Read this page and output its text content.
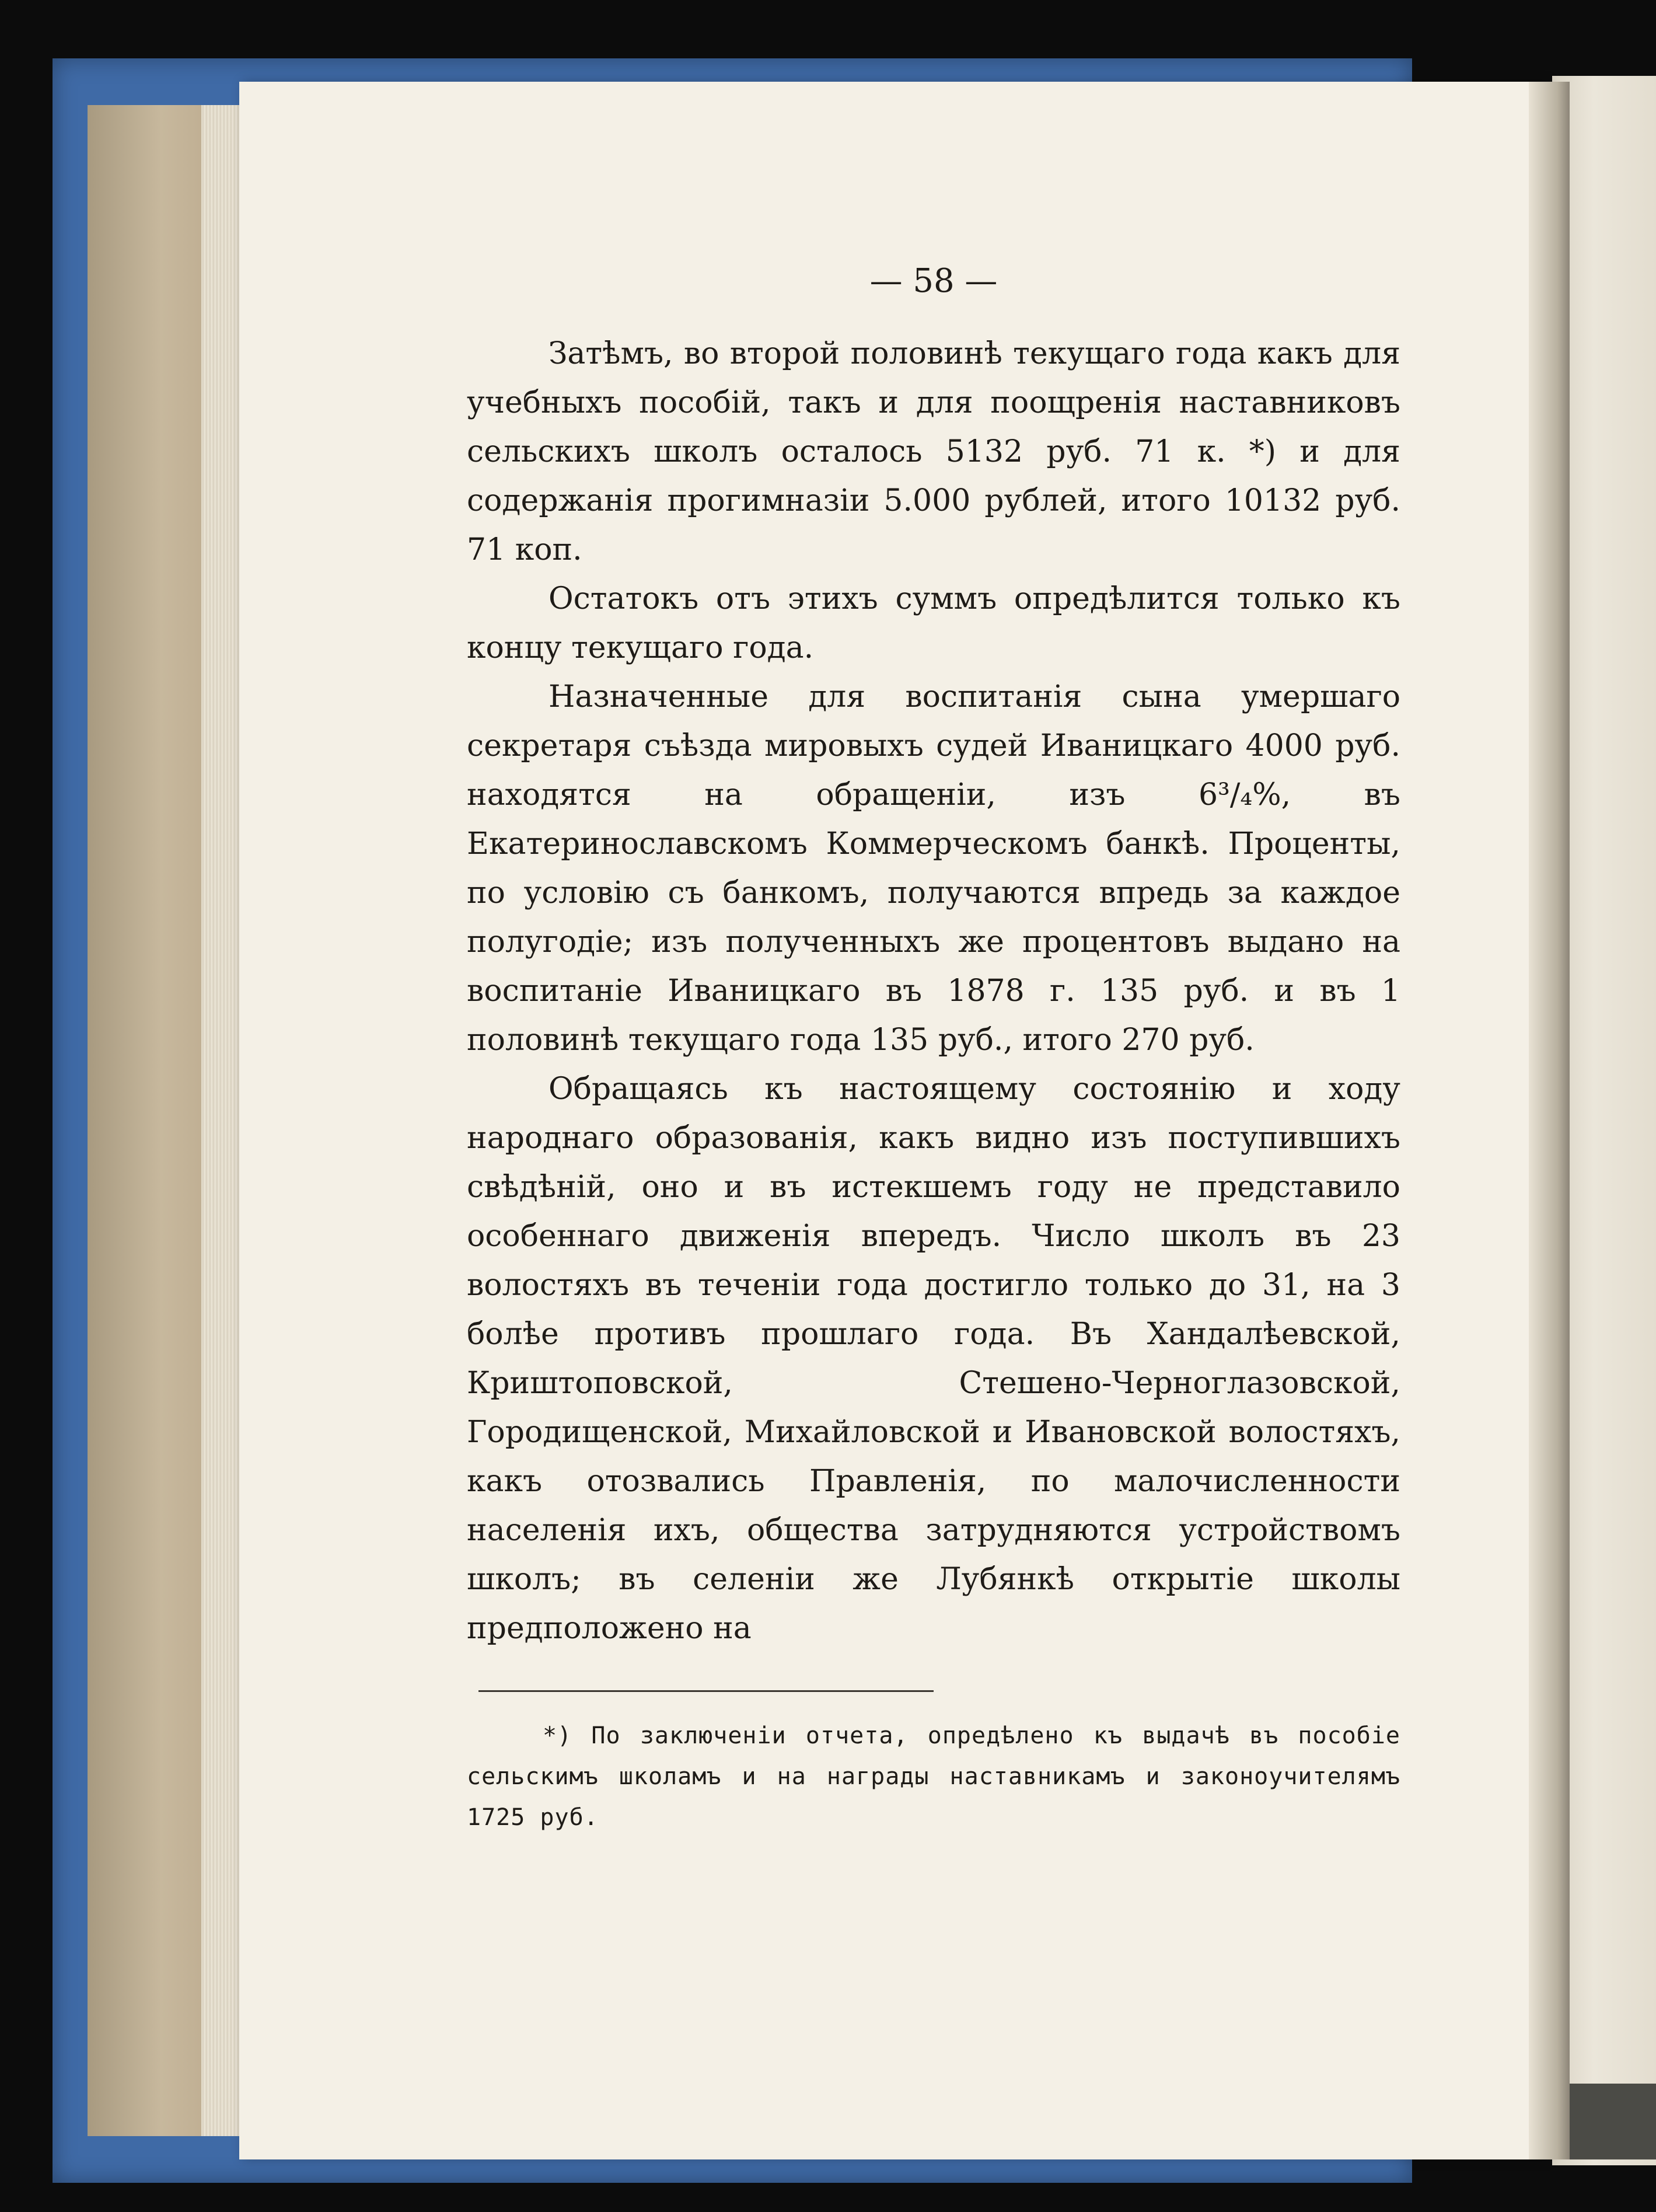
— 58 —

Затѣмъ, во второй половинѣ текущаго года какъ для учебныхъ пособій, такъ и для поощренія наставниковъ сельскихъ школъ осталось 5132 руб. 71 к. *) и для содержанія прогимназіи 5.000 рублей, итого 10132 руб. 71 коп.

Остатокъ отъ этихъ суммъ опредѣлится только къ концу текущаго года.

Назначенные для воспитанія сына умершаго секретаря съѣзда мировыхъ судей Иваницкаго 4000 руб. находятся на обращеніи, изъ 6³/₄%, въ Екатеринославскомъ Коммерческомъ банкѣ. Проценты, по условію съ банкомъ, получаются впредь за каждое полугодіе; изъ полученныхъ же процентовъ выдано на воспитаніе Иваницкаго въ 1878 г. 135 руб. и въ 1 половинѣ текущаго года 135 руб., итого 270 руб.

Обращаясь къ настоящему состоянію и ходу народнаго образованія, какъ видно изъ поступившихъ свѣдѣній, оно и въ истекшемъ году не представило особеннаго движенія впередъ. Число школъ въ 23 волостяхъ въ теченіи года достигло только до 31, на 3 болѣе противъ прошлаго года. Въ Хандалѣевской, Криштоповской, Стешено-Черноглазовской, Городищенской, Михайловской и Ивановской волостяхъ, какъ отозвались Правленія, по малочисленности населенія ихъ, общества затрудняются устройствомъ школъ; въ селеніи же Лубянкѣ открытіе школы предположено на

*) По заключеніи отчета, опредѣлено къ выдачѣ въ пособіе сельскимъ школамъ и на награды наставникамъ и законоучителямъ 1725 руб.
